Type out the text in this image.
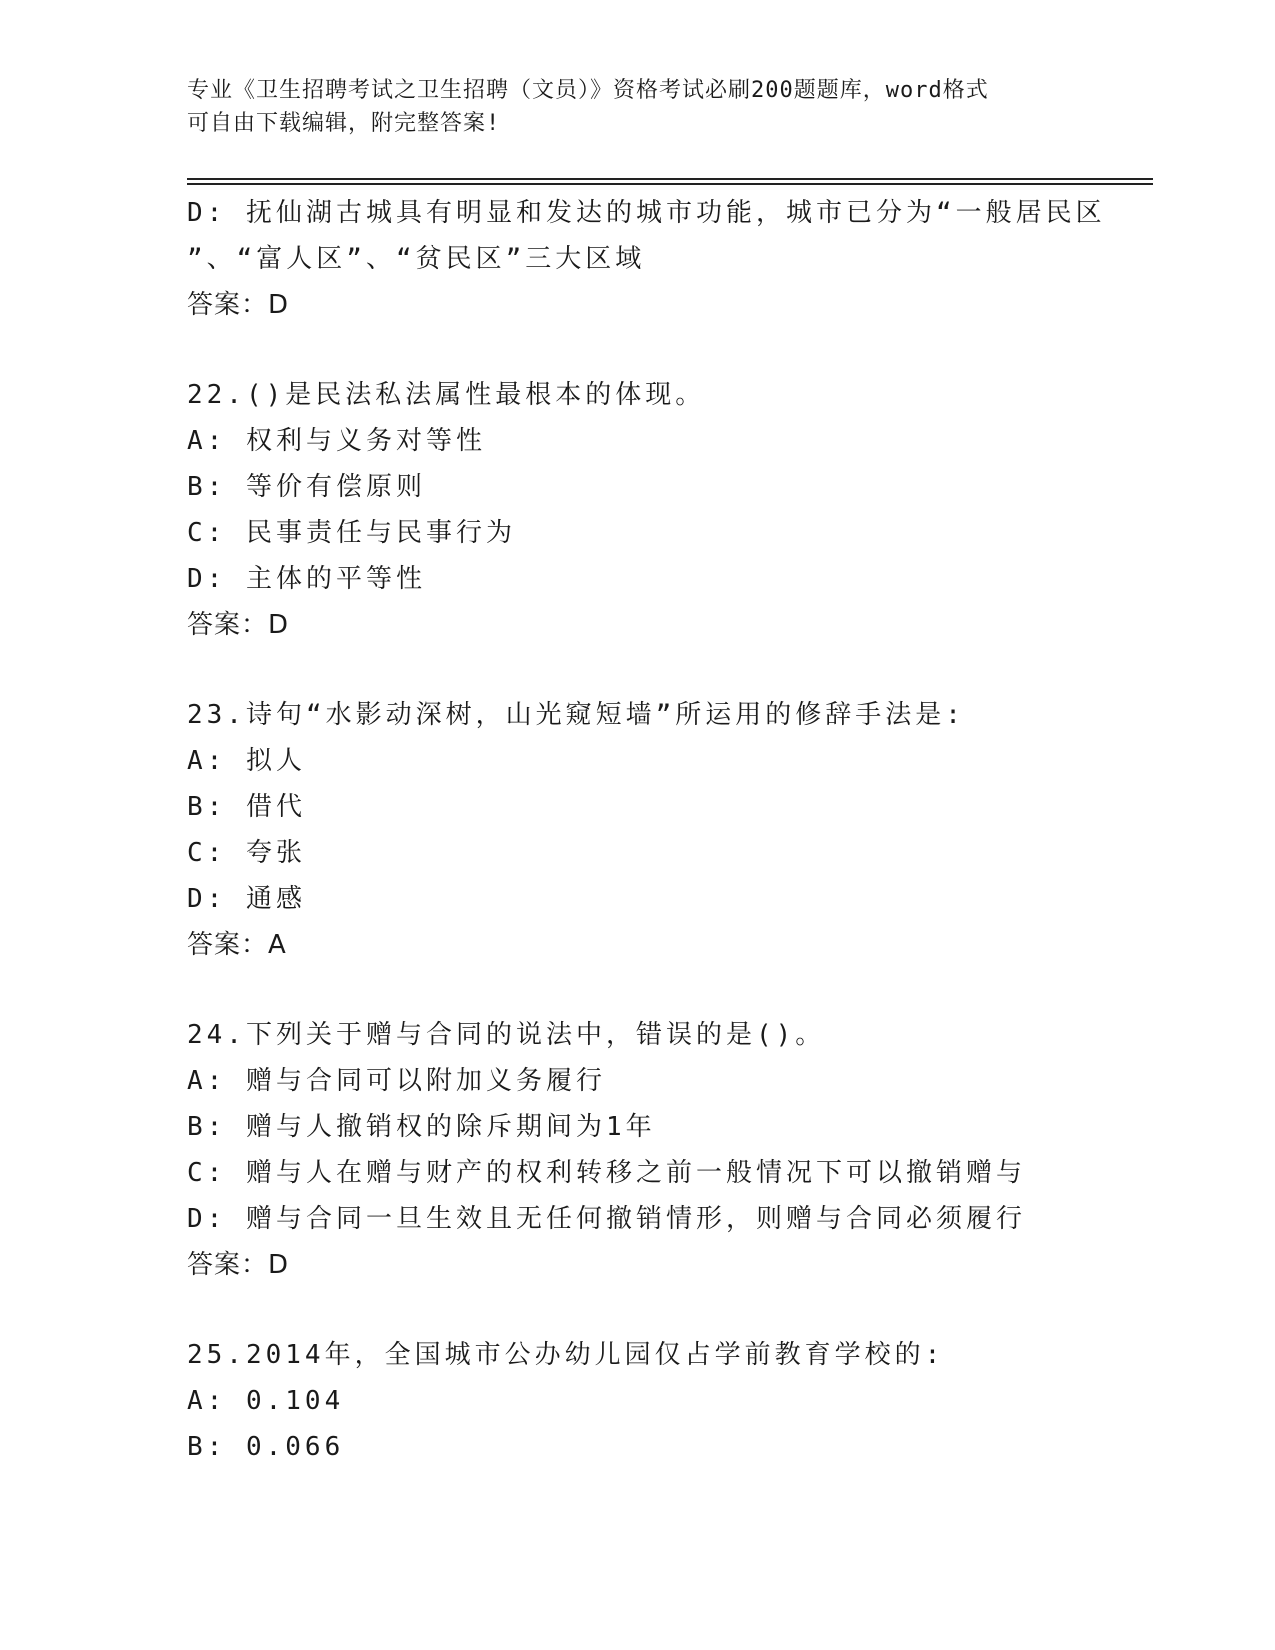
专业《卫生招聘考试之卫生招聘（文员）》资格考试必刷200题题库，word格式
可自由下载编辑，附完整答案!
D: 抚仙湖古城具有明显和发达的城市功能，城市已分为“一般居民区
”、“富人区”、“贫民区”三大区域
答案：D
22.()是民法私法属性最根本的体现。
A: 权利与义务对等性
B: 等价有偿原则
C: 民事责任与民事行为
D: 主体的平等性
答案：D
23.诗句“水影动深树，山光窥短墙”所运用的修辞手法是:
A: 拟人
B: 借代
C: 夸张
D: 通感
答案：A
24.下列关于赠与合同的说法中，错误的是()。
A: 赠与合同可以附加义务履行
B: 赠与人撤销权的除斥期间为1年
C: 赠与人在赠与财产的权利转移之前一般情况下可以撤销赠与
D: 赠与合同一旦生效且无任何撤销情形，则赠与合同必须履行
答案：D
25.2014年，全国城市公办幼儿园仅占学前教育学校的:
A: 0.104
B: 0.066
